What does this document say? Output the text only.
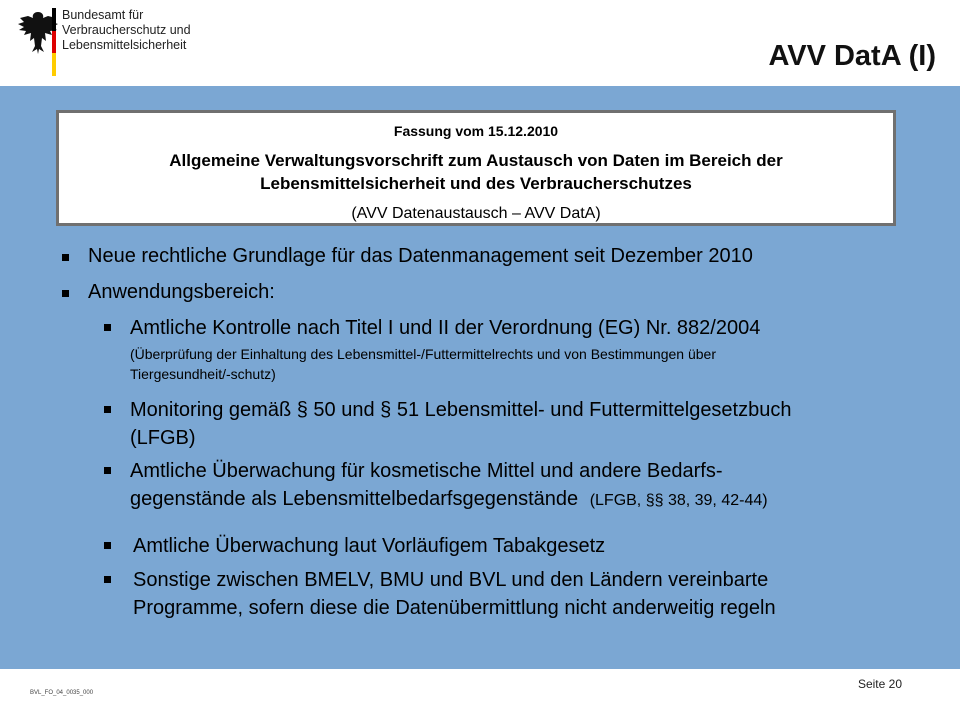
Bundesamt für
Verbraucherschutz und
Lebensmittelsicherheit	AVV DatA (I)
Fassung vom 15.12.2010
Allgemeine Verwaltungsvorschrift zum Austausch von Daten im Bereich der
Lebensmittelsicherheit und des Verbraucherschutzes
(AVV Datenaustausch – AVV DatA)
Neue rechtliche Grundlage für das Datenmanagement seit Dezember 2010
Anwendungsbereich:
Amtliche Kontrolle nach Titel I und II der Verordnung (EG) Nr. 882/2004
(Überprüfung der Einhaltung des Lebensmittel-/Futtermittelrechts und von Bestimmungen über
Tiergesundheit/-schutz)
Monitoring gemäß § 50 und § 51 Lebensmittel- und Futtermittelgesetzbuch
(LFGB)
Amtliche Überwachung für kosmetische Mittel und andere Bedarfs-
gegenstände als Lebensmittelbedarfsgegenstände (LFGB, §§ 38, 39, 42-44)
Amtliche Überwachung laut Vorläufigem Tabakgesetz
Sonstige zwischen BMELV, BMU und BVL und den Ländern vereinbarte
Programme, sofern diese die Datenübermittlung nicht anderweitig regeln
BVL_FO_04_0035_000
Seite 20
